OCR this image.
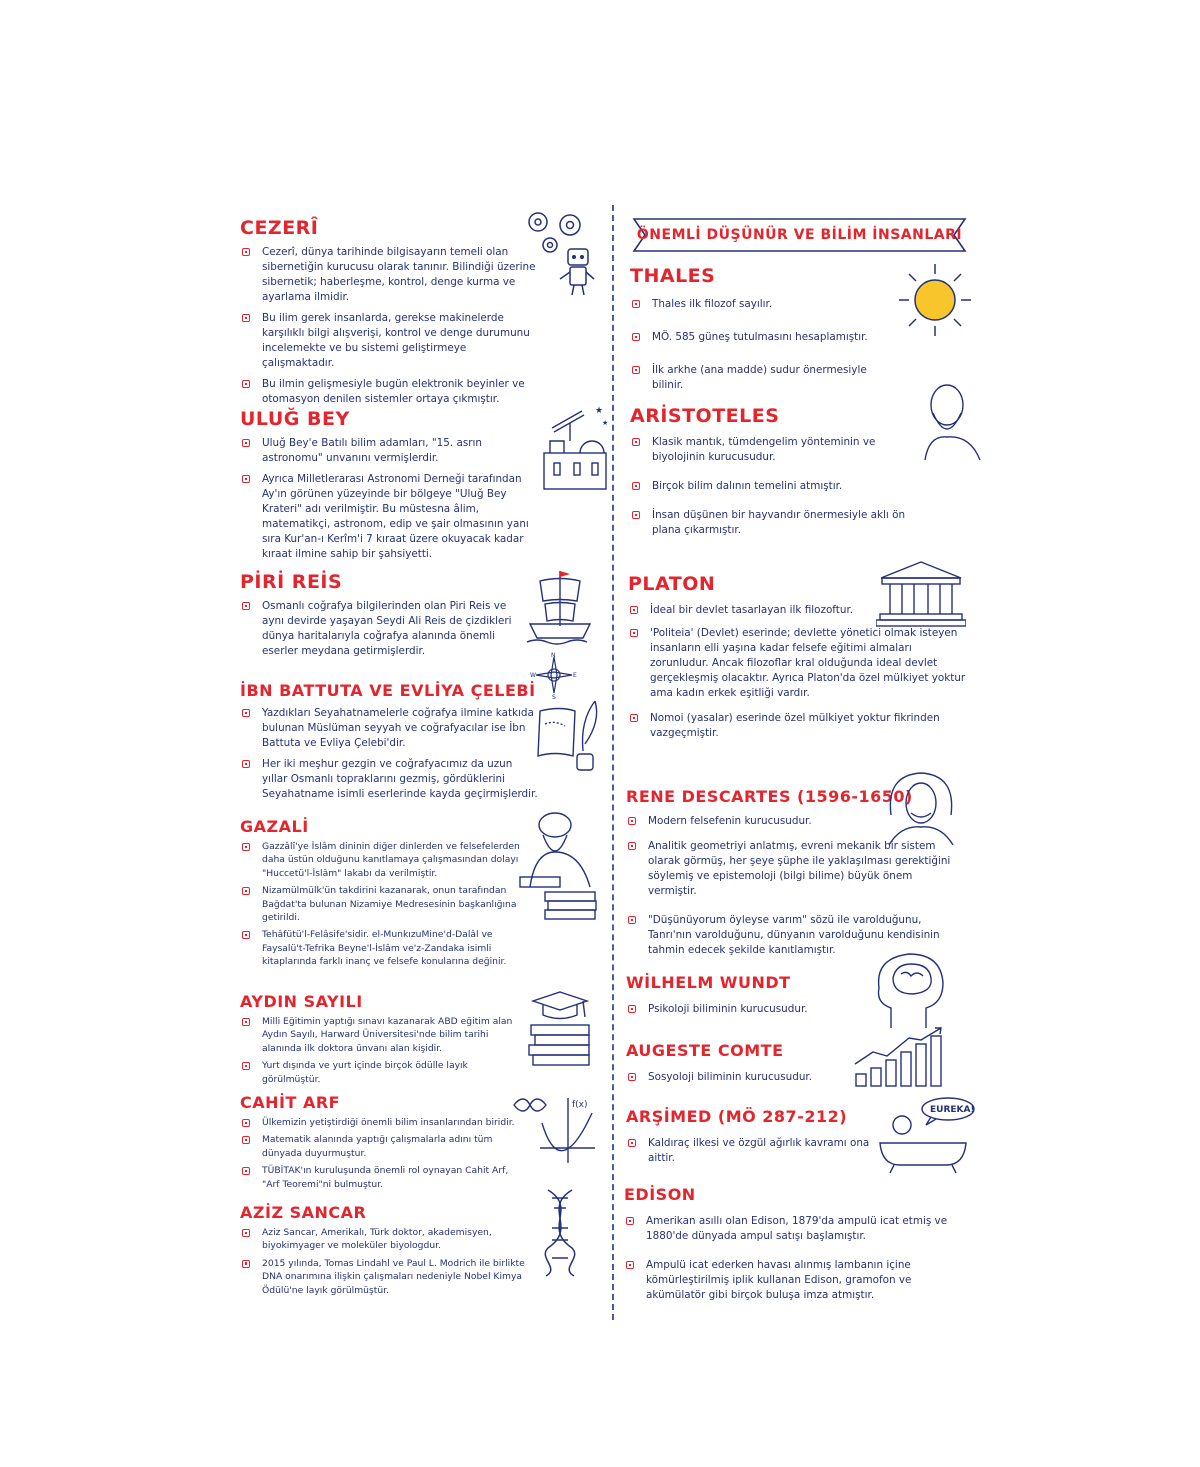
CEZERÎ
Cezerî, dünya tarihinde bilgisayarın temeli olan sibernetiğin kurucusu olarak tanınır. Bilindiği üzerine sibernetik; haberleşme, kontrol, denge kurma ve ayarlama ilmidir.
Bu ilim gerek insanlarda, gerekse makinelerde karşılıklı bilgi alışverişi, kontrol ve denge durumunu incelemekte ve bu sistemi geliştirmeye çalışmaktadır.
Bu ilmin gelişmesiyle bugün elektronik beyinler ve otomasyon denilen sistemler ortaya çıkmıştır.
ULUĞ BEY
Uluğ Bey'e Batılı bilim adamları, "15. asrın astronomu" unvanını vermişlerdir.
Ayrıca Milletlerarası Astronomi Derneği tarafından Ay'ın görünen yüzeyinde bir bölgeye "Uluğ Bey Krateri" adı verilmiştir. Bu müstesna âlim, matematikçi, astronom, edip ve şair olmasının yanı sıra Kur'an-ı Kerîm'i 7 kıraat üzere okuyacak kadar kıraat ilmine sahip bir şahsiyetti.
★
★
PİRİ REİS
Osmanlı coğrafya bilgilerinden olan Piri Reis ve aynı devirde yaşayan Seydi Ali Reis de çizdikleri dünya haritalarıyla coğrafya alanında önemli eserler meydana getirmişlerdir.	N
S
W	E
İBN BATTUTA VE EVLİYA ÇELEBİ
Yazdıkları Seyahatnamelerle coğrafya ilmine katkıda bulunan Müslüman seyyah ve coğrafyacılar ise İbn Battuta ve Evliya Çelebi'dir.
Her iki meşhur gezgin ve coğrafyacımız da uzun yıllar Osmanlı topraklarını gezmiş, gördüklerini Seyahatname isimli eserlerinde kayda geçirmişlerdir.
GAZALİ
Gazzâlî'ye İslâm dininin diğer dinlerden ve felsefelerden daha üstün olduğunu kanıtlamaya çalışmasından dolayı "Huccetü'l-İslâm" lakabı da verilmiştir.
Nizamülmülk'ün takdirini kazanarak, onun tarafından Bağdat'ta bulunan Nizamiye Medresesinin başkanlığına getirildi.
Tehâfütü'l-Felâsife'sidir. el-MunkızuMine'd-Dalâl ve Faysalü't-Tefrika Beyne'l-İslâm ve'z-Zandaka isimli kitaplarında farklı inanç ve felsefe konularına değinir.
AYDIN SAYILI
Milli Eğitimin yaptığı sınavı kazanarak ABD eğitim alan Aydın Sayılı, Harward Üniversitesi'nde bilim tarihi alanında ilk doktora ünvanı alan kişidir.
Yurt dışında ve yurt içinde birçok ödülle layık görülmüştür.
CAHİT ARF
Ülkemizin yetiştirdiği önemli bilim insanlarından biridir.
Matematik alanında yaptığı çalışmalarla adını tüm dünyada duyurmuştur.
TÜBİTAK'ın kuruluşunda önemli rol oynayan Cahit Arf, "Arf Teoremi"ni bulmuştur.
f(x)
AZİZ SANCAR
Aziz Sancar, Amerikalı, Türk doktor, akademisyen, biyokimyager ve moleküler biyologdur.
2015 yılında, Tomas Lindahl ve Paul L. Modrich ile birlikte DNA onarımına ilişkin çalışmaları nedeniyle Nobel Kimya Ödülü'ne layık görülmüştür.
ÖNEMLİ DÜŞÜNÜR VE BİLİM İNSANLARI
THALES
Thales ilk filozof sayılır.
MÖ. 585 güneş tutulmasını hesaplamıştır.
İlk arkhe (ana madde) sudur önermesiyle bilinir.
ARİSTOTELES
Klasik mantık, tümdengelim yönteminin ve biyolojinin kurucusudur.
Birçok bilim dalının temelini atmıştır.
İnsan düşünen bir hayvandır önermesiyle aklı ön plana çıkarmıştır.
PLATON
İdeal bir devlet tasarlayan ilk filozoftur.
'Politeia' (Devlet) eserinde; devlette yönetici olmak isteyen insanların elli yaşına kadar felsefe eğitimi almaları zorunludur. Ancak filozoflar kral olduğunda ideal devlet gerçekleşmiş olacaktır. Ayrıca Platon'da özel mülkiyet yoktur ama kadın erkek eşitliği vardır.
Nomoi (yasalar) eserinde özel mülkiyet yoktur fikrinden vazgeçmiştir.
RENE DESCARTES (1596-1650)
Modern felsefenin kurucusudur.
Analitik geometriyi anlatmış, evreni mekanik bir sistem olarak görmüş, her şeye şüphe ile yaklaşılması gerektiğini söylemiş ve epistemoloji (bilgi bilime) büyük önem vermiştir.
"Düşünüyorum öyleyse varım" sözü ile varolduğunu, Tanrı'nın varolduğunu, dünyanın varolduğunu kendisinin tahmin edecek şekilde kanıtlamıştır.
WİLHELM WUNDT
Psikoloji biliminin kurucusudur.
AUGESTE COMTE
Sosyoloji biliminin kurucusudur.
ARŞİMED (MÖ 287-212)
Kaldıraç ilkesi ve özgül ağırlık kavramı ona aittir.
EUREKA!
EDİSON
Amerikan asıllı olan Edison, 1879'da ampulü icat etmiş ve 1880'de dünyada ampul satışı başlamıştır.
Ampulü icat ederken havası alınmış lambanın içine kömürleştirilmiş iplik kullanan Edison, gramofon ve akümülatör gibi birçok buluşa imza atmıştır.
